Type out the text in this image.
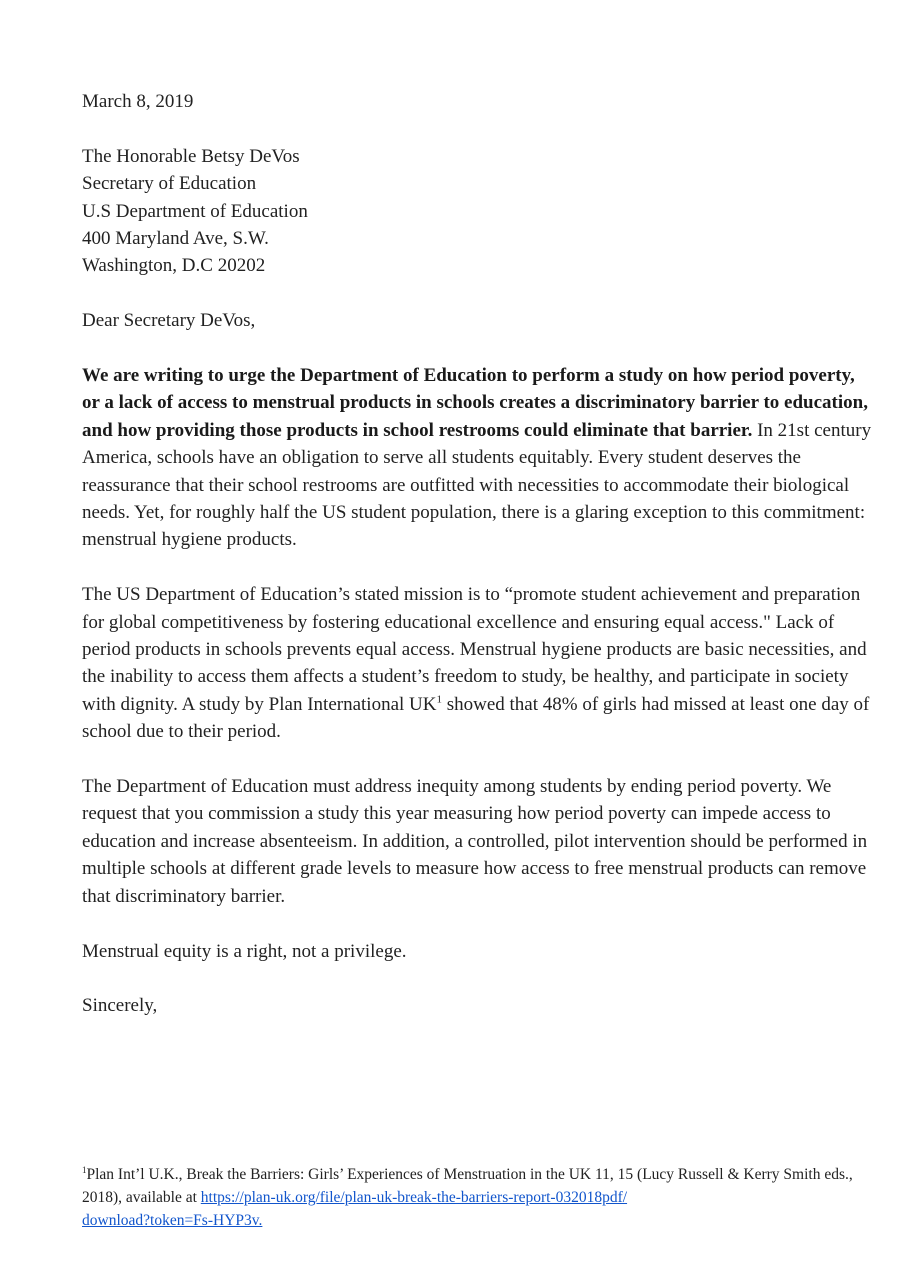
March 8, 2019

The Honorable Betsy DeVos
Secretary of Education
U.S Department of Education
400 Maryland Ave, S.W.
Washington, D.C 20202

Dear Secretary DeVos,

We are writing to urge the Department of Education to perform a study on how period poverty, or a lack of access to menstrual products in schools creates a discriminatory barrier to education, and how providing those products in school restrooms could eliminate that barrier. In 21st century America, schools have an obligation to serve all students equitably. Every student deserves the reassurance that their school restrooms are outfitted with necessities to accommodate their biological needs. Yet, for roughly half the US student population, there is a glaring exception to this commitment: menstrual hygiene products.

The US Department of Education’s stated mission is to “promote student achievement and preparation for global competitiveness by fostering educational excellence and ensuring equal access." Lack of period products in schools prevents equal access. Menstrual hygiene products are basic necessities, and the inability to access them affects a student’s freedom to study, be healthy, and participate in society with dignity. A study by Plan International UK$^1$ showed that 48% of girls had missed at least one day of school due to their period.

The Department of Education must address inequity among students by ending period poverty. We request that you commission a study this year measuring how period poverty can impede access to education and increase absenteeism. In addition, a controlled, pilot intervention should be performed in multiple schools at different grade levels to measure how access to free menstrual products can remove that discriminatory barrier.

Menstrual equity is a right, not a privilege.

Sincerely,

$^1$Plan Int’l U.K., Break the Barriers: Girls’ Experiences of Menstruation in the UK 11, 15 (Lucy Russell & Kerry Smith eds., 2018), available at https://plan-uk.org/file/plan-uk-break-the-barriers-report-032018pdf/
download?token=Fs-HYP3v.
